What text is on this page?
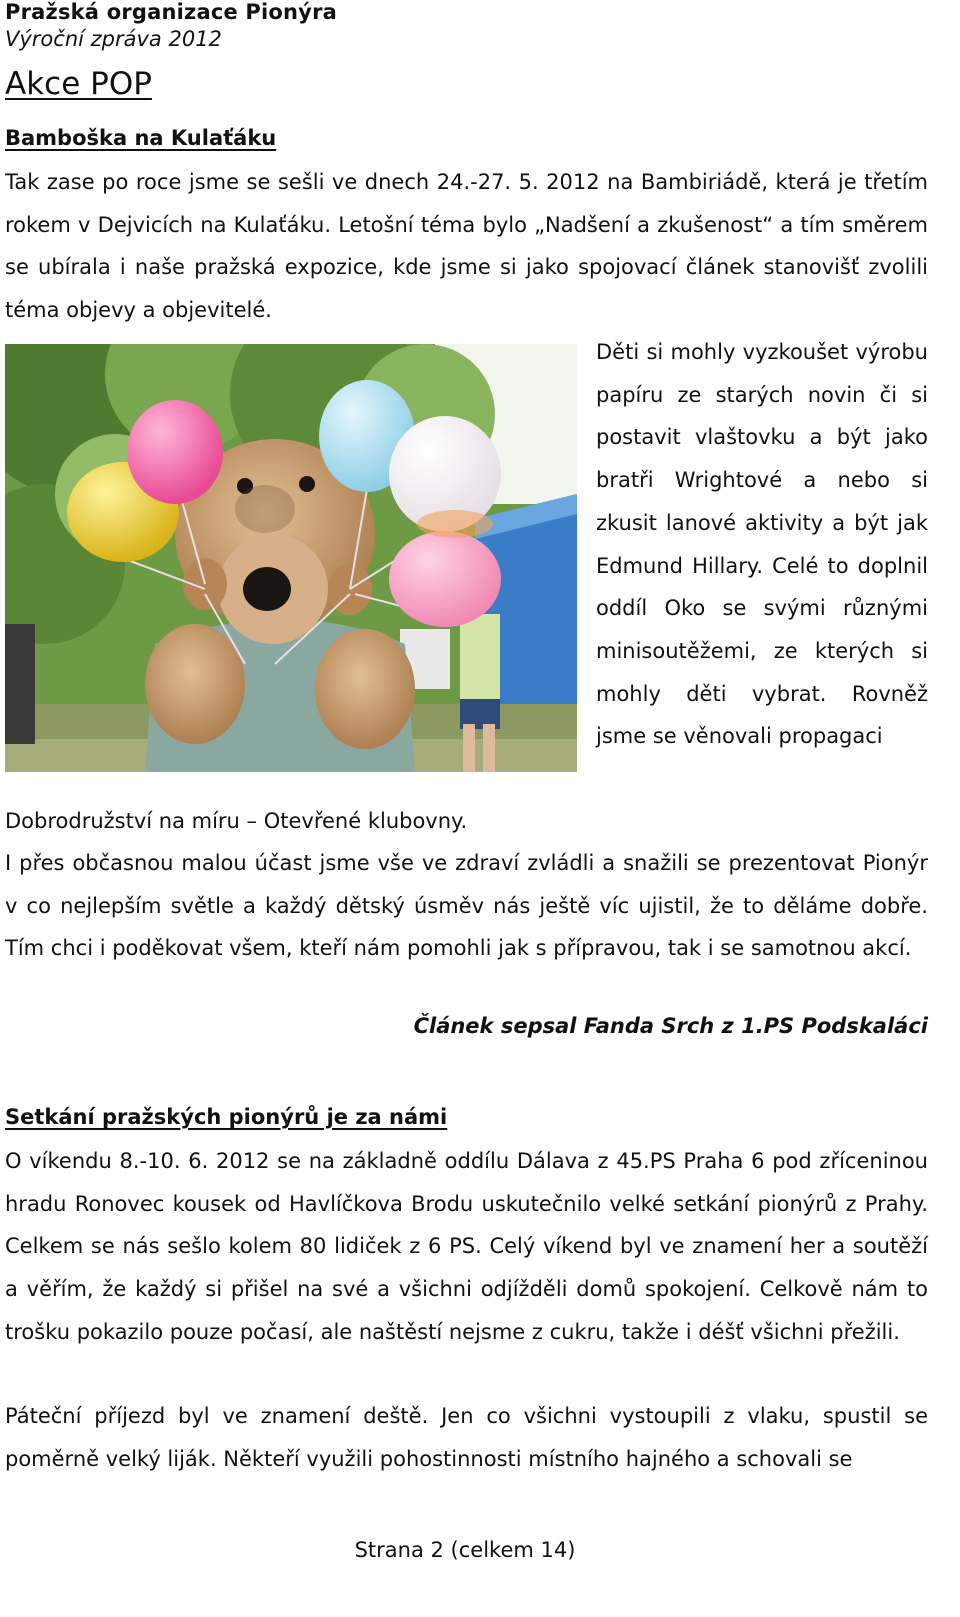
Pražská organizace Pionýra
Výroční zpráva 2012
Akce POP
Bamboška na Kulaťáku

Tak zase po roce jsme se sešli ve dnech 24.-27. 5. 2012 na Bambiriádě, která je třetím rokem v Dejvicích na Kulaťáku. Letošní téma bylo „Nadšení a zkušenost“ a tím směrem se ubírala i naše pražská expozice, kde jsme si jako spojovací článek stanovišť zvolili téma objevy a objevitelé.

Děti si mohly vyzkoušet výrobu papíru ze starých novin či si postavit vlaštovku a být jako bratři Wrightové a nebo si zkusit lanové aktivity a být jak Edmund Hillary. Celé to doplnil oddíl Oko se svými různými minisoutěžemi, ze kterých si mohly děti vybrat. Rovněž jsme se věnovali propagaci

Dobrodružství na míru – Otevřené klubovny.

I přes občasnou malou účast jsme vše ve zdraví zvládli a snažili se prezentovat Pionýr v co nejlepším světle a každý dětský úsměv nás ještě víc ujistil, že to děláme dobře. Tím chci i poděkovat všem, kteří nám pomohli jak s přípravou, tak i se samotnou akcí.

Článek sepsal Fanda Srch z 1.PS Podskaláci
Setkání pražských pionýrů je za námi

O víkendu 8.-10. 6. 2012 se na základně oddílu Dálava z 45.PS Praha 6 pod zříceninou hradu Ronovec kousek od Havlíčkova Brodu uskutečnilo velké setkání pionýrů z Prahy. Celkem se nás sešlo kolem 80 lidiček z 6 PS. Celý víkend byl ve znamení her a soutěží a věřím, že každý si přišel na své a všichni odjížděli domů spokojení. Celkově nám to trošku pokazilo pouze počasí, ale naštěstí nejsme z cukru, takže i déšť všichni přežili.

Páteční příjezd byl ve znamení deště. Jen co všichni vystoupili z vlaku, spustil se poměrně velký liják. Někteří využili pohostinnosti místního hajného a schovali se

Strana 2 (celkem 14)
